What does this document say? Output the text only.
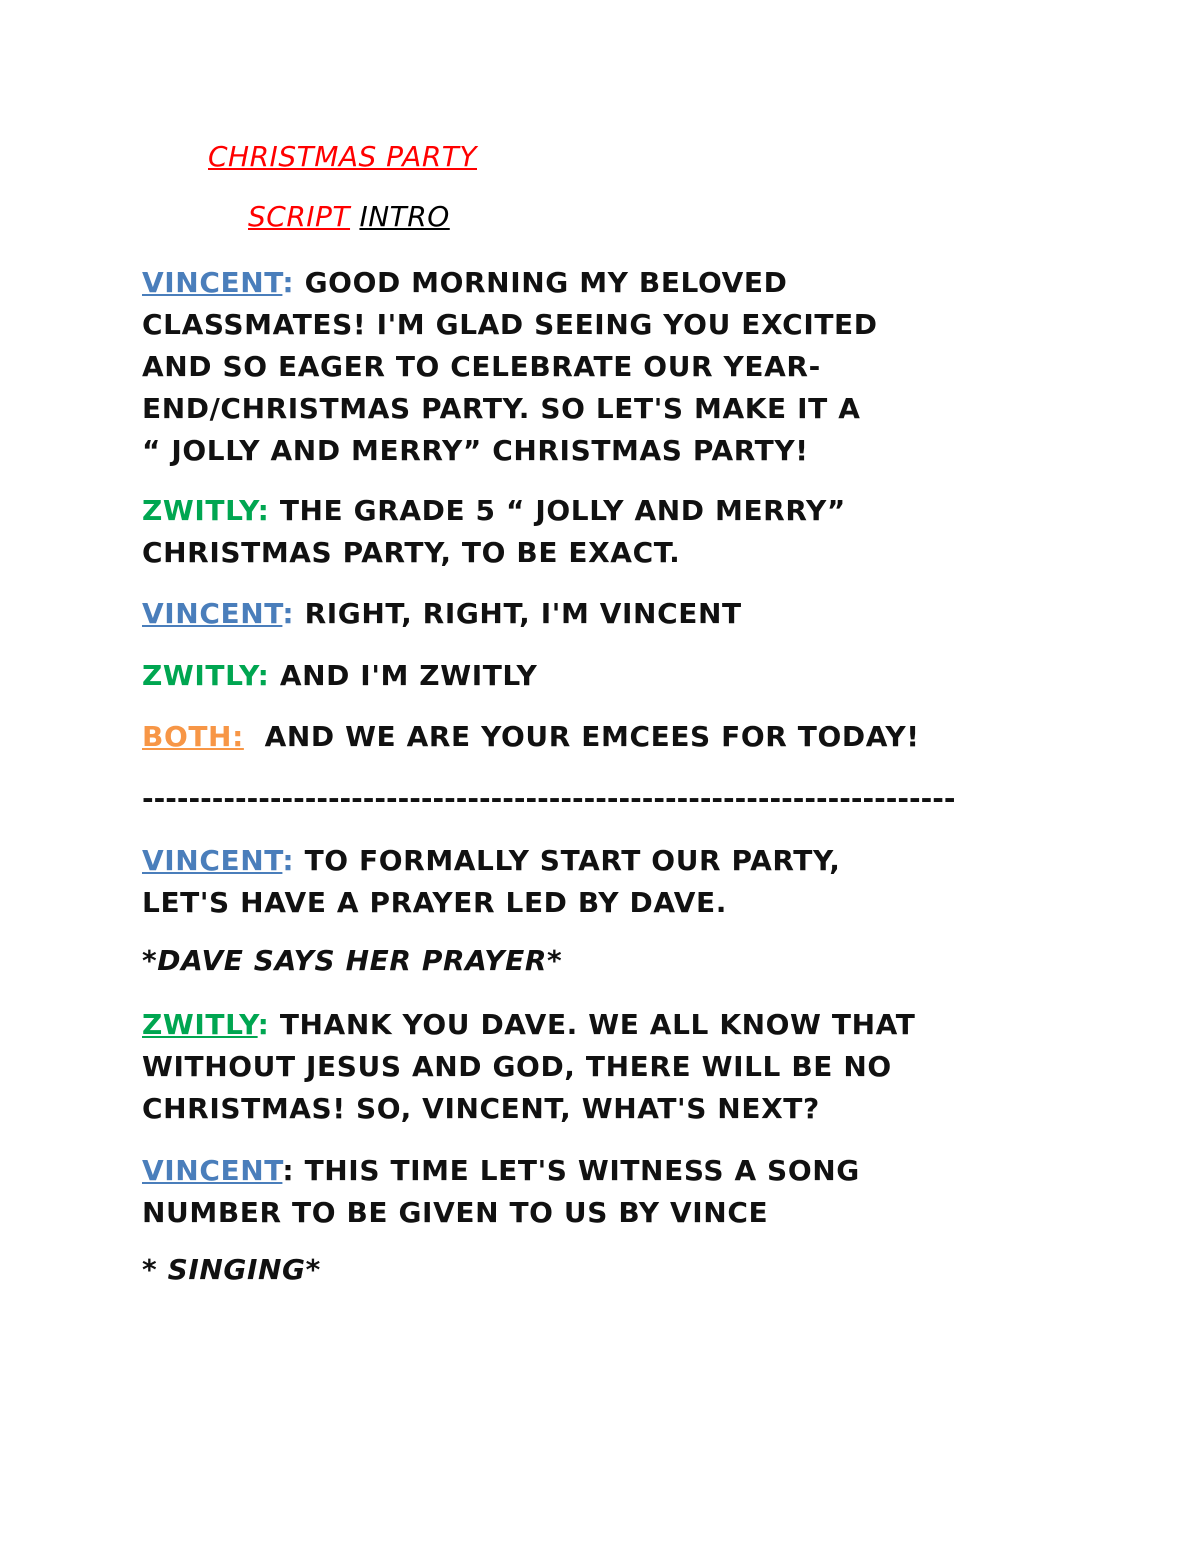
CHRISTMAS PARTY
SCRIPT INTRO
VINCENT: GOOD MORNING MY BELOVED
CLASSMATES! I'M GLAD SEEING YOU EXCITED
AND SO EAGER TO CELEBRATE OUR YEAR-
END/CHRISTMAS PARTY. SO LET'S MAKE IT A
“ JOLLY AND MERRY” CHRISTMAS PARTY!
ZWITLY: THE GRADE 5 “ JOLLY AND MERRY”
CHRISTMAS PARTY, TO BE EXACT.
VINCENT: RIGHT, RIGHT, I'M VINCENT
ZWITLY: AND I'M ZWITLY
BOTH: AND WE ARE YOUR EMCEES FOR TODAY!
----------------------------------------------------------------------
VINCENT: TO FORMALLY START OUR PARTY,
LET'S HAVE A PRAYER LED BY DAVE.
*DAVE SAYS HER PRAYER*
ZWITLY: THANK YOU DAVE. WE ALL KNOW THAT
WITHOUT JESUS AND GOD, THERE WILL BE NO
CHRISTMAS! SO, VINCENT, WHAT'S NEXT?
VINCENT: THIS TIME LET'S WITNESS A SONG
NUMBER TO BE GIVEN TO US BY VINCE
* SINGING*
